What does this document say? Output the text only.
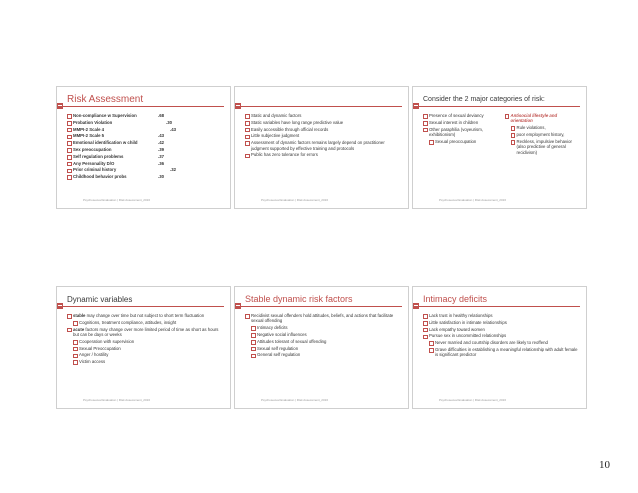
Risk Assessment
Non-compliance w Supervision	.68
Probation Violation	.30
MMPI-2 Scale 4	.43
MMPI-2 Scale 5	.43
Emotional identification w child	.42
Sex preoccupation	.39
Self regulation problems	.37
Any Personality D/O	.36
Prior criminal history	.32
Childhood behavior probs	.30
Psychosexual Evaluation | Risk Assessment_2016
Static and dynamic factors
Static variables have long range predictive value
Easily accessible through official records
Little subjective judgment
Assessment of dynamic factors remains largely depend on practitioner judgment supported by effective training and protocols
Public has zero tolerance for errors
Psychosexual Evaluation | Risk Assessment_2016
Consider the 2 major categories of risk:
Presence of sexual deviancy
Sexual interest in children
Other paraphilia (voyeurism, exhibitionism)
Sexual preoccupation
Antisocial lifestyle and orientation
Rule violations,
poor employment history,
Reckless, impulsive behavior (also predictive of general recidivism)
Psychosexual Evaluation | Risk Assessment_2016
Dynamic variables
stable may change over time but not subject to short term fluctuation
Cognitions, treatment compliance, attitudes, insight
acute factors may change over more limited period of time as short as hours but can be days or weeks
Cooperation with supervision
Sexual Preoccupation
Anger / hostility
Victim access
Psychosexual Evaluation | Risk Assessment_2016
Stable dynamic risk factors
Recidivist sexual offenders hold attitudes, beliefs, and actions that facilitate sexual offending
Intimacy deficits
Negative social influences
Attitudes tolerant of sexual offending
Sexual self regulation
General self regulation
Psychosexual Evaluation | Risk Assessment_2016
Intimacy deficits
Lack trust in healthy relationships
Little satisfaction in intimate relationships
Lack empathy toward women
Pursue sex in uncommitted relationships
Never married and courtship disorders are likely to reoffend
Grave difficulties in establishing a meaningful relationship with adult female is significant predictor
Psychosexual Evaluation | Risk Assessment_2016
10
